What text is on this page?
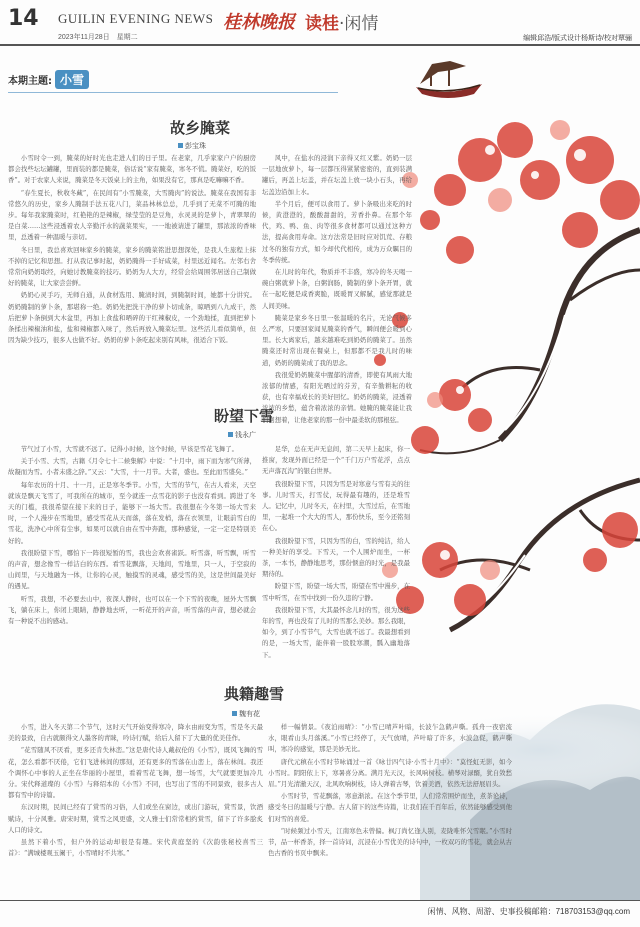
14 GUILIN EVENING NEWS
2023年11月28日　星期二
桂林晚报 读桂·闲情
编辑邱浩/版式设计杨斯诗/校对覃骊
本期主题: 小雪
故乡腌菜
彭宝珠

小雪时令一到，腌菜的好时光也走进人们的日子里。在老家，几乎家家户户的厨房都会找些坛坛罐罐，里面装的都是腌菜，俗话说“家有腌菜，寒冬不慌。腌菜好，吃的饭香”。对于农家人来说，腌菜是冬天饭桌上的主角，如果没有它，那真是吃嘛嘛不香。

“春生夏长，秋收冬藏”，在民间有“小雪腌菜，大雪腌肉”的说法。腌菜在我国有非常悠久的历史，家乡人腌制手法五花八门，菜品林林总总，几乎到了无菜不可腌的地步。每年我家腌菜时，红艳艳的是辣椒，绿莹莹的是豆角，水灵灵的是萝卜，青翠翠的是白菜……这些浸透着农人辛勤汗水的蔬菜果实，一一地被请进了罐里，那浓浓的香味里，总透着一种温暖与亲切。

冬日里，我总喜欢回味家乡的腌菜，家乡的腌菜铭进思想深处，是我人生旅程上抹不掉的记忆和思想。打从我记事时起，奶奶腌得一手好咸菜，村里远近闻名。左邻右舍常常向奶奶取经，向她讨教腌菜的技巧。奶奶为人大方，经常会给周围邻居送自己制做好的腌菜，让大家尝尝鲜。

奶奶心灵手巧，无师自通，从食材选用、腌渍时间，到腌制时间，她都十分讲究。奶奶腌制的萝卜条，那堪称一绝。奶奶先把洗干净的萝卜切成条，晾晒到八九成干，然后把萝卜条倒到大木盆里，再加上食盐和晒碎的干红辣椒皮，一个劲地揉，直到把萝卜条揉出辣椒油和盐，盐和辣椒都入味了，然后再放入腌菜坛里。这些活儿看似简单，但因为缺少技巧，很多人也做不好。奶奶的萝卜条吃起来别有风味，很适合下饭。

风中，在盐水的浸润下亲得又红又紫。奶奶一层一层地放萝卜，每一层都压得紧紧密密的，直到装满罐后，再盖上坛盖，并在坛盖上放一块小石头，再给坛盖边沿加上水。

半个月后，便可以食用了。萝卜条吸出来吃的时候，黄澄澄的，酸酸甜甜的，芳香扑鼻。在那个年代，鸡、鸭、鱼、肉等很多食材都可以通过这种方法，提高食用寿命。这方法常是旧时应对饥荒、存粮过冬的独有方式，如今却代代相传，成为万众瞩目的冬季传统。

在儿时的年代，物质并不丰盛，寒冷的冬天喝一碗白粥就萝卜条，白粥润肠，腌制的萝卜条开胃，就在一起吃便是咸香爽脆，既暖胃又解腻，感觉那就是人间美味。

腌菜是家乡冬日里一张温暖的名片，无论气候多么严寒，只要回家闻见腌菜的香气，瞬间便会暖到心里。长大离家后，越来越难吃到奶奶的腌菜了。虽然腌菜还时常出现在餐桌上，但那都不是我儿时的味道，奶奶的腌菜成了我的思念。

我很爱奶奶腌菜中腥郁的清香，即使有风雨大地浓郁的情感，有阳光晒过的芬芳，有辛勤耕耘的收获，也有幸福成长的美好回忆。奶奶的腌菜，浸透着浓浓的乡愁，蕴含着浓浓的亲情。她腌的腌菜能让我们回想着，让他老家的那一份中最柔软的那根弦。

盼望下雪
钱永广

节气过了小雪，大雪就不远了。记得小时候，这个时候，早该是雪花飞舞了。

关于小雪、大雪，古籍《月令七十二候集解》中说：“十月中，雨下而为寒气所薄，故凝而为雪。小者未盛之辞。”又云：“大雪，十一月节。大者，盛也。至此而雪盛矣。”

每年农历的十月、十一月，正是寒冬季节。小雪，大雪的节气，在古人看来，天空就该是飘天飞雪了，可我所在的城市，至今就连一点雪花的影子也没有看到。跨进了冬天的门槛，我很希望在接下来的日子，能够下一场大雪。我很想在今冬第一场大雪来时，一个人漫步在雪地里，感受雪花从天而落，落在发梢，落在衣领里，让眼前雪白的雪花，洗净心中所有尘事，如果可以就自由在雪中奔跑，那种感觉，一定一定是特别美好的。

我很盼望下雪，哪怕下一阵很短暂的雪，我也会欢喜雀跃。听雪落，听雪飘，听雪的声音，想念像雪一样洁白的东西。看雪花飘落，天地间，雪地里，只一人，于空寂的山间里，与天地融为一体，让你的心灵，触摸雪的灵魂，感受雪的美，这是世间最美好的遇见。

听雪，我想，不必要去山中，夜深人静时，也可以在一个下雪的夜晚，屋外大雪飘飞，躺在床上，你闭上眼睛，静静地去听，一听花开的声音，听雪落的声音，想必就会有一种说不出的感动。

足华，总在无声无息间，第二天早上起床，你一推窗，发现外面已经是一个“千门万户雪花浮，点点无声落瓦沟”的银白世界。

我很盼望下雪，只因为雪是对寒意与雪有关的往事。儿时雪天，打雪仗，玩得最有趣的，还是堆雪人。记忆中，儿时冬天，在村里，大雪过后，在雪地里，一起堆一个大大的雪人，那份快乐，至今还铭刻在心。

我很盼望下雪，只因为雪的白，雪的纯洁，给人一种美好的享受。下雪天，一个人围炉而坐，一杯茶，一本书，静静地思考，那份惬意的时光，是我最期待的。

盼望下雪，盼望一场大雪，盼望在雪中漫步，在雪中听雪，在雪中找到一份久违的宁静。

我很盼望下雪，大其最怀念儿时的雪，很为这些年的雪，再也没有了儿时的雪那么美妙。那么我眼，如今，到了小雪节气，大雪也就不远了。我最想看到的是，一场大雪，能伴着一股股寒潮，瓢入幽地落下。

典籍趣雪
魏有花

小雪，进入冬天第二个节气，这时天气开始变得寒冷，降水由雨变为雪，雪是冬天最美的景致，自古就颇得文人墨客的青睐，吟诗行赋，给后人留下了大量的优美佳作。

“花雪随风不厌看，更多还肯失林峦。”这是唐代诗人戴叔伦的《小雪》，既风飞舞的雪花，怎么看都不厌倦，它们飞进林间的那刻，还有更多的雪落在山峦上，落在林间。我还个调怀心中事的人正坐在华丽的小屋里，看着雪花飞舞，想一场雪，大气就要更加冷几分。宋代释道璨的《小雪》与释绍本的《小雪》不同，也写出了雪的不同景致，很多古人都有雪中的诗篇。

东汉时期，民间已经有了赏雪的习俗，人们或坐在窗边，或出门游玩，赏雪景，饮酒赋诗，十分风雅。唐宋时期，赏雪之风更盛，文人雅士们常常相约赏雪，留下了许多脍炙人口的诗文。

虽然下着小雪，但户外的运动却很是有趣。宋代黄庭坚的《次韵张秘校喜雪三首》：“满城楼观玉阑干，小雪晴时不共寒。”

样一幅情景。《夜泊雨晴》：“小雪已晴芦叶暗，长波乍急鹤声嘶。孤舟一夜宿流水，眼看山头月落溪。”小雪已经停了，天气放晴，芦叶暗了许多，水波急促，鹤声嘶叫，寒冷的感觉，那是美妙无比。

唐代元稹在小雪时节咏诵过一首《咏廿四气诗·小雪十月中》：“莫怪虹无影，如今小雪时。阴阳依上下，寒暑喜分离。满月光天汉，长风响树枝。横琴对渌醑，犹自敛愁眉。”月光清澈天汉，北风吹响树枝，诗人弹着古琴，饮着美酒，依然无法舒展眉头。

小雪时节，雪花飘落，寒意渐浓。在这个季节里，人们常常围炉而坐，煮茶论诗，感受冬日的温暖与宁静。古人留下的这些诗篇，让我们在千百年后，依然能够感受到他们对雪的喜爱。

“时候频过小雪天，江南寒色未曾偏。枫汀尚忆逢人别，麦陇唯怀欠雪眠。”小雪时节，品一杯香茶，择一首诗词，沉浸在小雪优美的诗句中，一枚双巧的雪花，就会从古色古香的书页中飘来。

闲情、风物、周游、史事投稿邮箱：718703153@qq.com
